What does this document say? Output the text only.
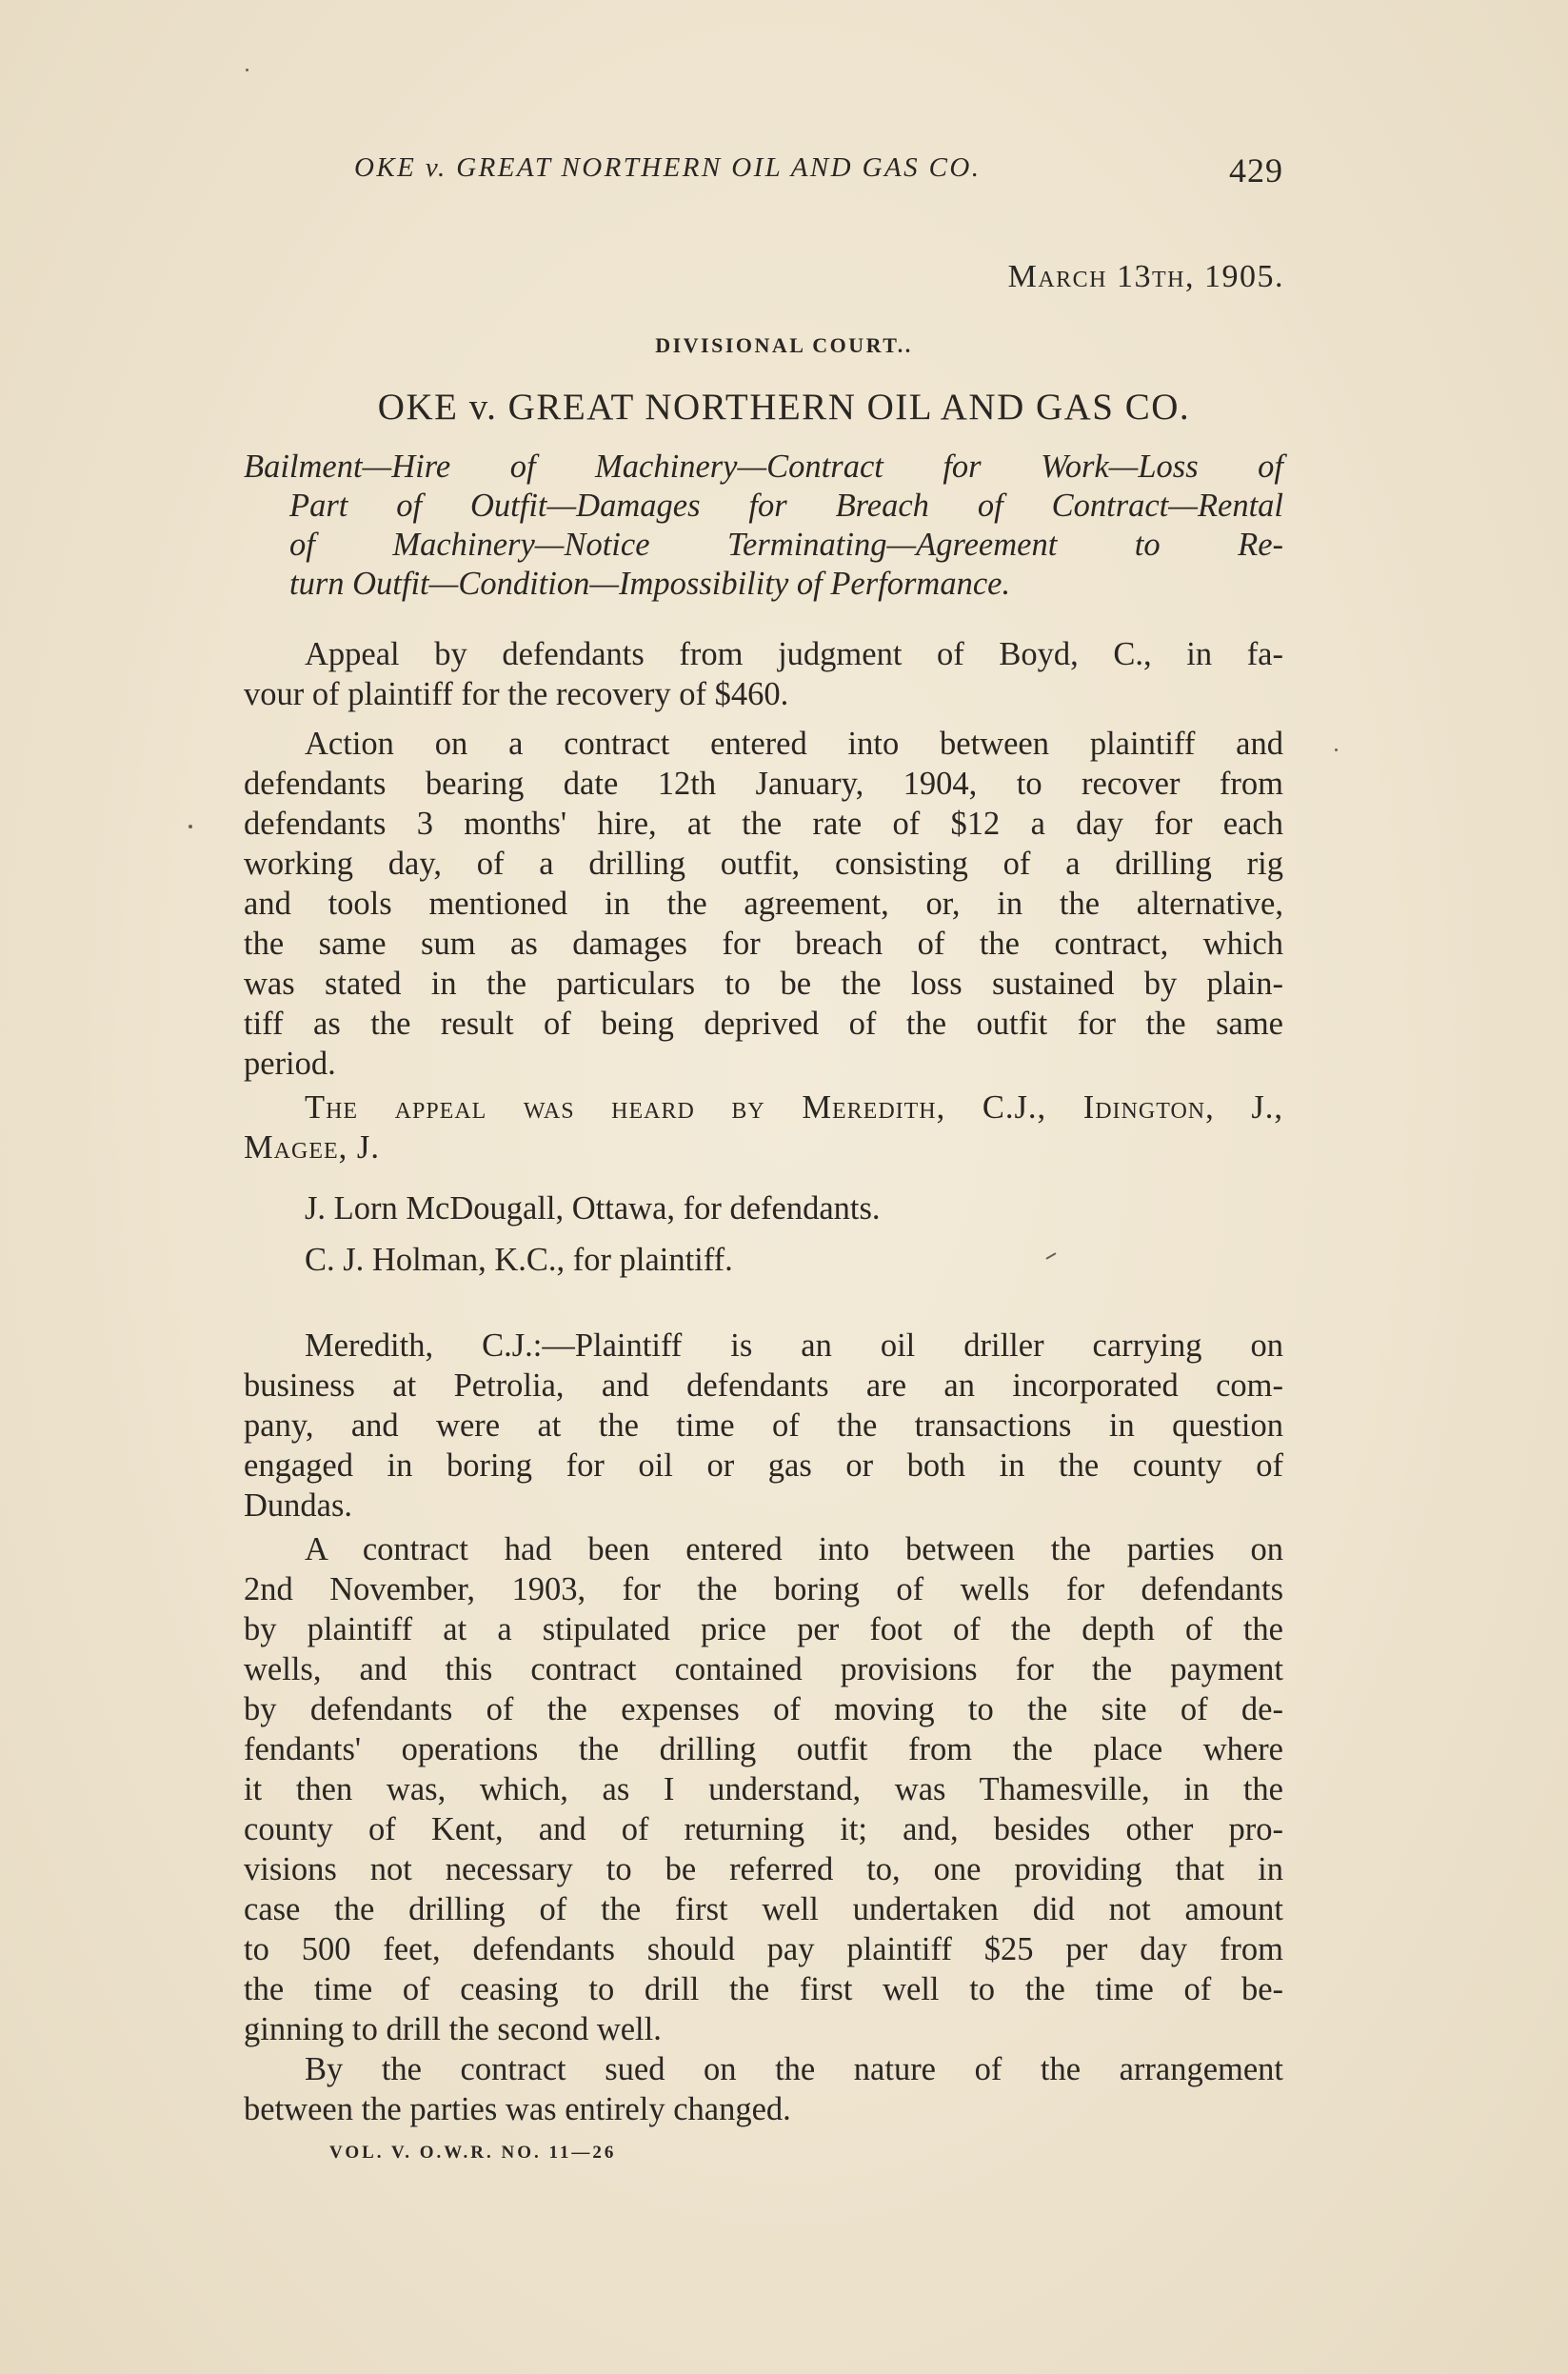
OKE v. GREAT NORTHERN OIL AND GAS CO.	429
March 13th, 1905.
DIVISIONAL COURT..
OKE v. GREAT NORTHERN OIL AND GAS CO.
Bailment—Hire of Machinery—Contract for Work—Loss of
Part of Outfit—Damages for Breach of Contract—Rental
of Machinery—Notice Terminating—Agreement to Re-
turn Outfit—Condition—Impossibility of Performance.
Appeal by defendants from judgment of Boyd, C., in fa-
vour of plaintiff for the recovery of $460.
Action on a contract entered into between plaintiff and
defendants bearing date 12th January, 1904, to recover from
defendants 3 months' hire, at the rate of $12 a day for each
working day, of a drilling outfit, consisting of a drilling rig
and tools mentioned in the agreement, or, in the alternative,
the same sum as damages for breach of the contract, which
was stated in the particulars to be the loss sustained by plain-
tiff as the result of being deprived of the outfit for the same
period.
The appeal was heard by Meredith, C.J., Idington, J.,
Magee, J.
J. Lorn McDougall, Ottawa, for defendants.
C. J. Holman, K.C., for plaintiff.
Meredith, C.J.:—Plaintiff is an oil driller carrying on
business at Petrolia, and defendants are an incorporated com-
pany, and were at the time of the transactions in question
engaged in boring for oil or gas or both in the county of
Dundas.
A contract had been entered into between the parties on
2nd November, 1903, for the boring of wells for defendants
by plaintiff at a stipulated price per foot of the depth of the
wells, and this contract contained provisions for the payment
by defendants of the expenses of moving to the site of de-
fendants' operations the drilling outfit from the place where
it then was, which, as I understand, was Thamesville, in the
county of Kent, and of returning it; and, besides other pro-
visions not necessary to be referred to, one providing that in
case the drilling of the first well undertaken did not amount
to 500 feet, defendants should pay plaintiff $25 per day from
the time of ceasing to drill the first well to the time of be-
ginning to drill the second well.
By the contract sued on the nature of the arrangement
between the parties was entirely changed.
VOL. V. O.W.R. NO. 11—26
